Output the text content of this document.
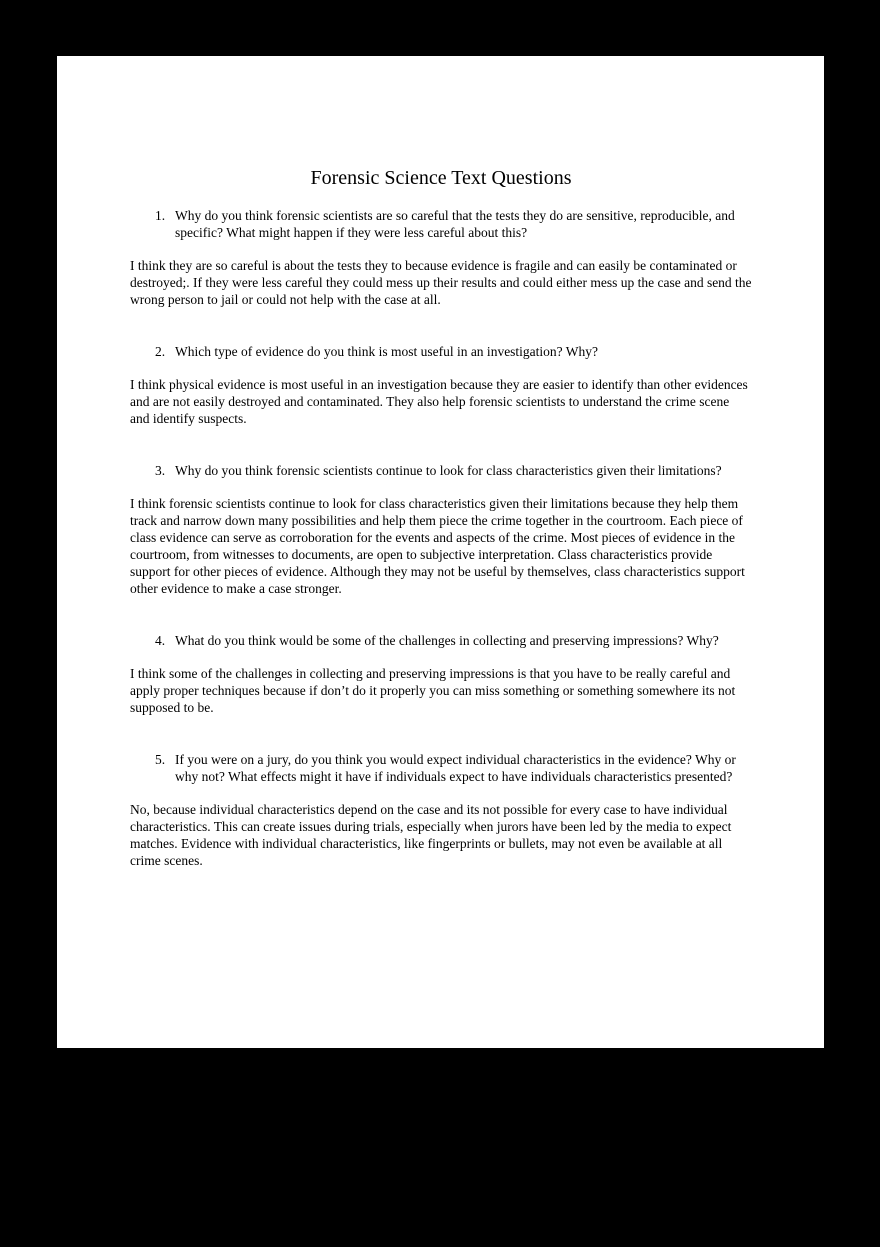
Forensic Science Text Questions
1. Why do you think forensic scientists are so careful that the tests they do are sensitive, reproducible, and specific? What might happen if they were less careful about this?

I think they are so careful is about the tests they to because evidence is fragile and can easily be contaminated or destroyed;. If they were less careful they could mess up their results and could either mess up the case and send the wrong person to jail or could not help with the case at all.

2. Which type of evidence do you think is most useful in an investigation? Why?

I think physical evidence is most useful in an investigation because they are easier to identify than other evidences and are not easily destroyed and contaminated. They also help forensic scientists to understand the crime scene and identify suspects.

3. Why do you think forensic scientists continue to look for class characteristics given their limitations?

I think forensic scientists continue to look for class characteristics given their limitations because they help them track and narrow down many possibilities and help them piece the crime together in the courtroom. Each piece of class evidence can serve as corroboration for the events and aspects of the crime. Most pieces of evidence in the courtroom, from witnesses to documents, are open to subjective interpretation. Class characteristics provide support for other pieces of evidence. Although they may not be useful by themselves, class characteristics support other evidence to make a case stronger.

4. What do you think would be some of the challenges in collecting and preserving impressions? Why?

I think some of the challenges in collecting and preserving impressions is that you have to be really careful and apply proper techniques because if don’t do it properly you can miss something or something somewhere its not supposed to be.

5. If you were on a jury, do you think you would expect individual characteristics in the evidence? Why or why not? What effects might it have if individuals expect to have individuals characteristics presented?

No, because individual characteristics depend on the case and its not possible for every case to have individual characteristics. This can create issues during trials, especially when jurors have been led by the media to expect matches. Evidence with individual characteristics, like fingerprints or bullets, may not even be available at all crime scenes.
